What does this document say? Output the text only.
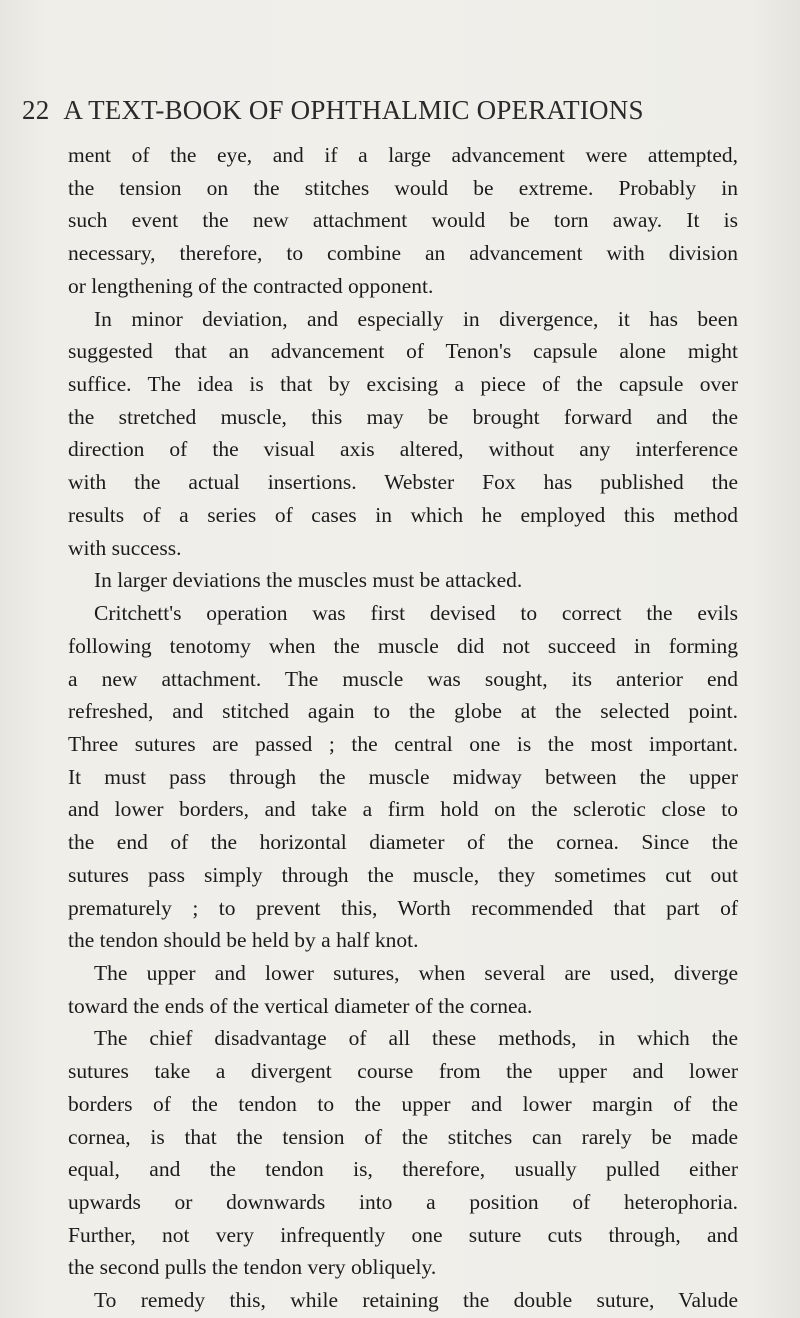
22 A TEXT-BOOK OF OPHTHALMIC OPERATIONS
ment of the eye, and if a large advancement were attempted,
the tension on the stitches would be extreme. Probably in
such event the new attachment would be torn away. It is
necessary, therefore, to combine an advancement with division
or lengthening of the contracted opponent.
In minor deviation, and especially in divergence, it has been
suggested that an advancement of Tenon's capsule alone might
suffice. The idea is that by excising a piece of the capsule over
the stretched muscle, this may be brought forward and the
direction of the visual axis altered, without any interference
with the actual insertions. Webster Fox has published the
results of a series of cases in which he employed this method
with success.
In larger deviations the muscles must be attacked.
Critchett's operation was first devised to correct the evils
following tenotomy when the muscle did not succeed in forming
a new attachment. The muscle was sought, its anterior end
refreshed, and stitched again to the globe at the selected point.
Three sutures are passed ; the central one is the most important.
It must pass through the muscle midway between the upper
and lower borders, and take a firm hold on the sclerotic close to
the end of the horizontal diameter of the cornea. Since the
sutures pass simply through the muscle, they sometimes cut out
prematurely ; to prevent this, Worth recommended that part of
the tendon should be held by a half knot.
The upper and lower sutures, when several are used, diverge
toward the ends of the vertical diameter of the cornea.
The chief disadvantage of all these methods, in which the
sutures take a divergent course from the upper and lower
borders of the tendon to the upper and lower margin of the
cornea, is that the tension of the stitches can rarely be made
equal, and the tendon is, therefore, usually pulled either
upwards or downwards into a position of heterophoria.
Further, not very infrequently one suture cuts through, and
the second pulls the tendon very obliquely.
To remedy this, while retaining the double suture, Valude
